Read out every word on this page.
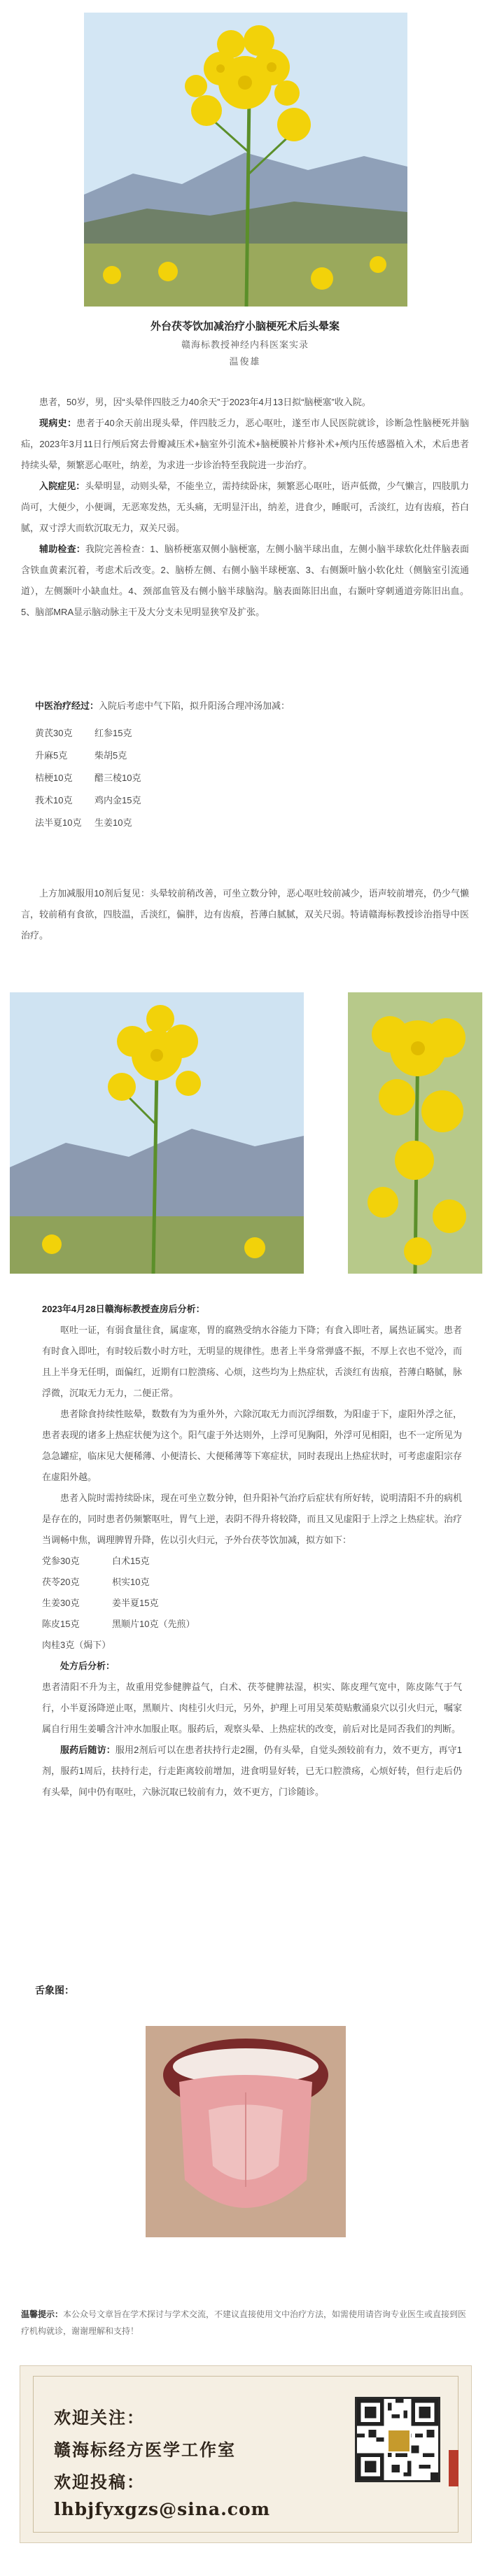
外台茯苓饮加减治疗小脑梗死术后头晕案

赣海标教授神经内科医案实录

温俊雄

患者，50岁，男，因“头晕伴四肢乏力40余天”于2023年4月13日拟“脑梗塞”收入院。

现病史：患者于40余天前出现头晕，伴四肢乏力，恶心呕吐，遂至市人民医院就诊，诊断急性脑梗死并脑疝，2023年3月11日行颅后窝去骨瓣减压术+脑室外引流术+脑梗膜补片修补术+颅内压传感器植入术，术后患者持续头晕，频繁恶心呕吐，纳差，为求进一步诊治特至我院进一步治疗。

入院症见：头晕明显，动则头晕，不能坐立，需持续卧床，频繁恶心呕吐，语声低微，少气懒言，四肢肌力尚可，大便少，小便调，无恶寒发热，无头痛，无明显汗出，纳差，进食少，睡眠可，舌淡红，边有齿痕，苔白腻，双寸浮大而软沉取无力，双关尺弱。

辅助检查：我院完善检查：1、脑桥梗塞双侧小脑梗塞，左侧小脑半球出血，左侧小脑半球软化灶伴脑表面含铁血黄素沉着，考虑术后改变。2、脑桥左侧、右侧小脑半球梗塞、3、右侧颞叶脑小软化灶（侧脑室引流通道），左侧颞叶小缺血灶。4、颈部血管及右侧小脑半球脑沟。脑表面陈旧出血，右颞叶穿刺通道旁陈旧出血。5、脑部MRA显示脑动脉主干及大分支未见明显狭窄及扩张。

中医治疗经过：入院后考虑中气下陷，拟升阳汤合理冲汤加减：
黄芪30克 红参15克
升麻5克	柴胡5克
桔梗10克 醋三棱10克
莪术10克 鸡内金15克
法半夏10克 生姜10克

上方加减服用10剂后复见：头晕较前稍改善，可坐立数分钟，恶心呕吐较前减少，语声较前增亮，仍少气懒言，较前稍有食欲，四肢温，舌淡红，偏胖，边有齿痕，苔薄白腻腻，双关尺弱。特请赣海标教授诊治指导中医治疗。

2023年4月28日赣海标教授查房后分析：

呕吐一证，有弱食量往食，属虚寒，胃的腐熟受纳水谷能力下降；有食入即吐者，属热证属实。患者有时食入即吐，有时较后数小时方吐，无明显的规律性。患者上半身常弹盛不振，不厚上衣也不觉冷，而且上半身无任明，面偏红，近期有口腔溃疡、心烦，这些均为上热症状，舌淡红有齿痕，苔薄白略腻，脉浮微，沉取无力无力，二便正常。

患者除食持续性眩晕，数数有为为重外外，六除沉取无力而沉浮细数，为阳虚于下，虚阳外浮之征，患者表现的诸多上热症状便为这个。阳气虚于外达则外，上浮可见胸阳，外浮可见相阳，也不一定所见为急急罐症，临床见大便稀薄、小便清长、大便稀薄等下寒症状，同时表现出上热症状时，可考虑虚阳宗存在虚阳外越。

患者入院时需持续卧床，现在可坐立数分钟，但升阳补气治疗后症状有所好转，说明清阳不升的病机是存在的，同时患者仍频繁呕吐，胃气上逆，表阴不得升将较降，而且又见虚阳于上浮之上热症状。治疗当调畅中焦，调理脾胃升降，佐以引火归元，予外台茯苓饮加减，拟方如下：

党参30克	白术15克
茯苓20克	枳实10克
生姜30克	姜半夏15克
陈皮15克	黑顺片10克（先煎）
肉桂3克（焗下）

处方后分析：
患者清阳不升为主，故重用党参健脾益气，白术、茯苓健脾祛湿，枳实、陈皮理气宽中，陈皮陈气于气行，小半夏汤降逆止呕，黑顺片、肉桂引火归元，另外，护理上可用吴茱萸贴敷涌泉穴以引火归元，嘱家属自行用生姜嚼含汁冲水加服止呕。服药后，观察头晕、上热症状的改变，前后对比是同否我们的判断。

服药后随访：服用2剂后可以在患者扶持行走2圈，仍有头晕，自觉头颈较前有力，效不更方，再守1剂，服药1周后，扶持行走，行走距离较前增加，进食明显好转，已无口腔溃疡，心烦好转，但行走后仍有头晕，间中仍有呕吐，六脉沉取已较前有力，效不更方，门诊随诊。

舌象图：
温馨提示：本公众号文章旨在学术探讨与学术交流，不建议直接使用文中治疗方法，如需使用请咨询专业医生或直接到医疗机构就诊，谢谢理解和支持！
欢迎关注：
赣海标经方医学工作室
欢迎投稿：
lhbjfyxgzs@sina.com
